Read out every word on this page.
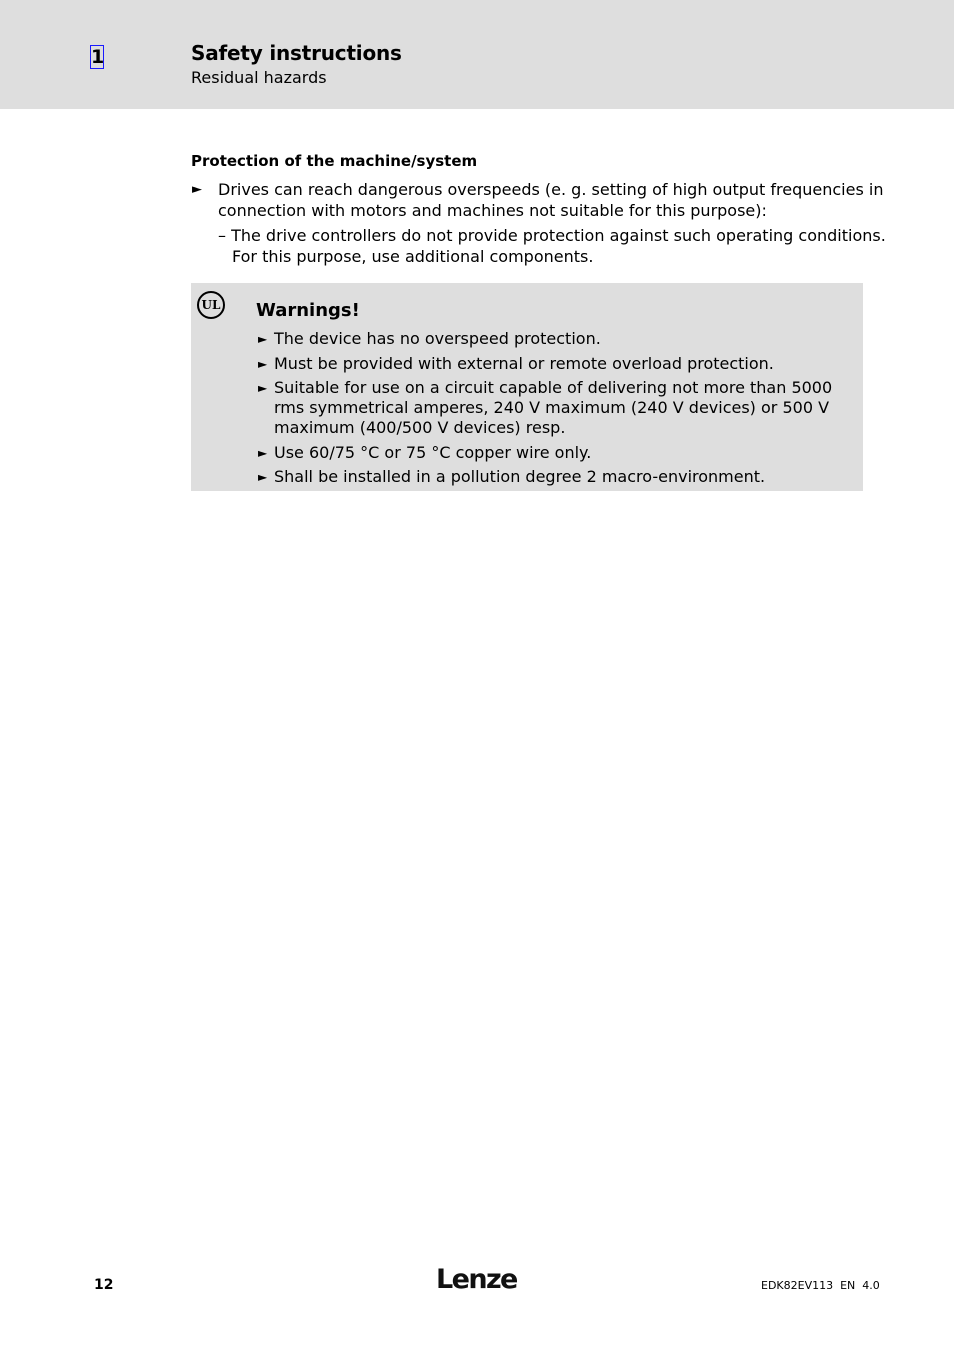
1	Safety instructions
Residual hazards
Protection of the machine/system
► Drives can reach dangerous overspeeds (e. g. setting of high output frequencies in
connection with motors and machines not suitable for this purpose):
– The drive controllers do not provide protection against such operating conditions.
For this purpose, use additional components.
UL Warnings!
► The device has no overspeed protection.
► Must be provided with external or remote overload protection.
► Suitable for use on a circuit capable of delivering not more than 5000 rms symmetrical amperes, 240 V maximum (240 V devices) or 500 V maximum (400/500 V devices) resp.
► Use 60/75 °C or 75 °C copper wire only.
► Shall be installed in a pollution degree 2 macro-environment.
12	Lenze	EDK82EV113  EN  4.0
